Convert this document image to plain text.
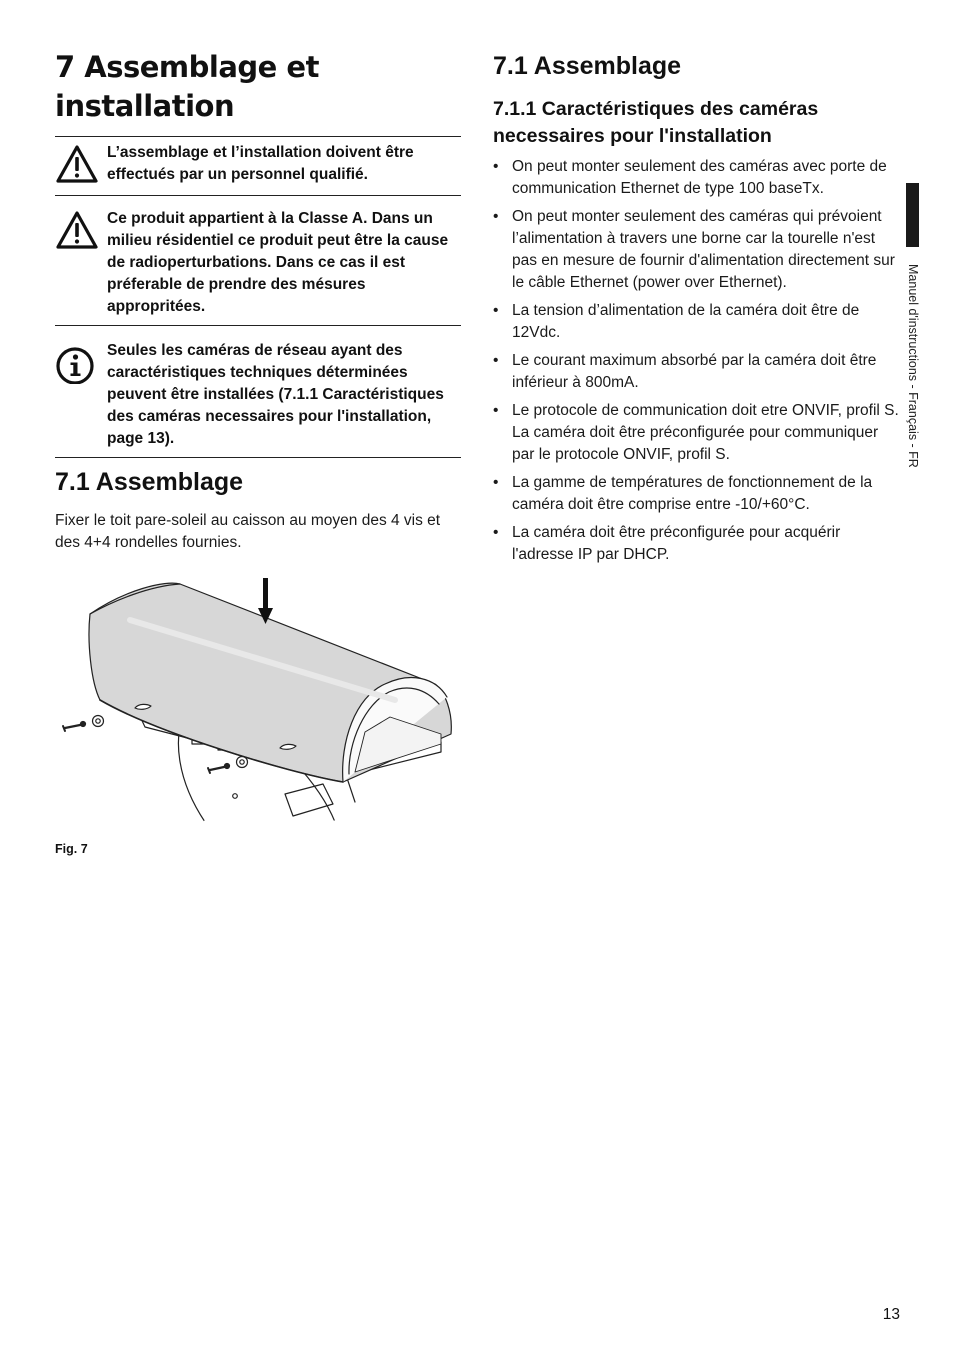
7 Assemblage et installation
L’assemblage et l’installation doivent être effectués par un personnel qualifié.
Ce produit appartient à la Classe A. Dans un milieu résidentiel ce produit peut être la cause de radioperturbations. Dans ce cas il est préferable de prendre des mésures appropritées.
Seules les caméras de réseau ayant des caractéristiques techniques déterminées peuvent être installées (7.1.1 Caractéristiques des caméras necessaires pour l'installation, page 13).
7.1 Assemblage

Fixer le toit pare-soleil au caisson au moyen des 4 vis et des 4+4 rondelles fournies.

Fig. 7
7.1 Assemblage
7.1.1 Caractéristiques des caméras necessaires pour l'installation
• On peut monter seulement des caméras avec porte de communication Ethernet de type 100 baseTx.
• On peut monter seulement des caméras qui prévoient l’alimentation à travers une borne car la tourelle n'est pas en mesure de fournir d'alimentation directement sur le câble Ethernet (power over Ethernet).
• La tension d’alimentation de la caméra doit être de 12Vdc.
• Le courant maximum absorbé par la caméra doit être inférieur à 800mA.
• Le protocole de communication doit etre ONVIF, profil S. La caméra doit être préconfigurée pour communiquer par le protocole ONVIF, profil S.
• La gamme de températures de fonctionnement de la caméra doit être comprise entre -10/+60°C.
• La caméra doit être préconfigurée pour acquérir l'adresse IP par DHCP.
Manuel d'instructions - Français - FR
13
